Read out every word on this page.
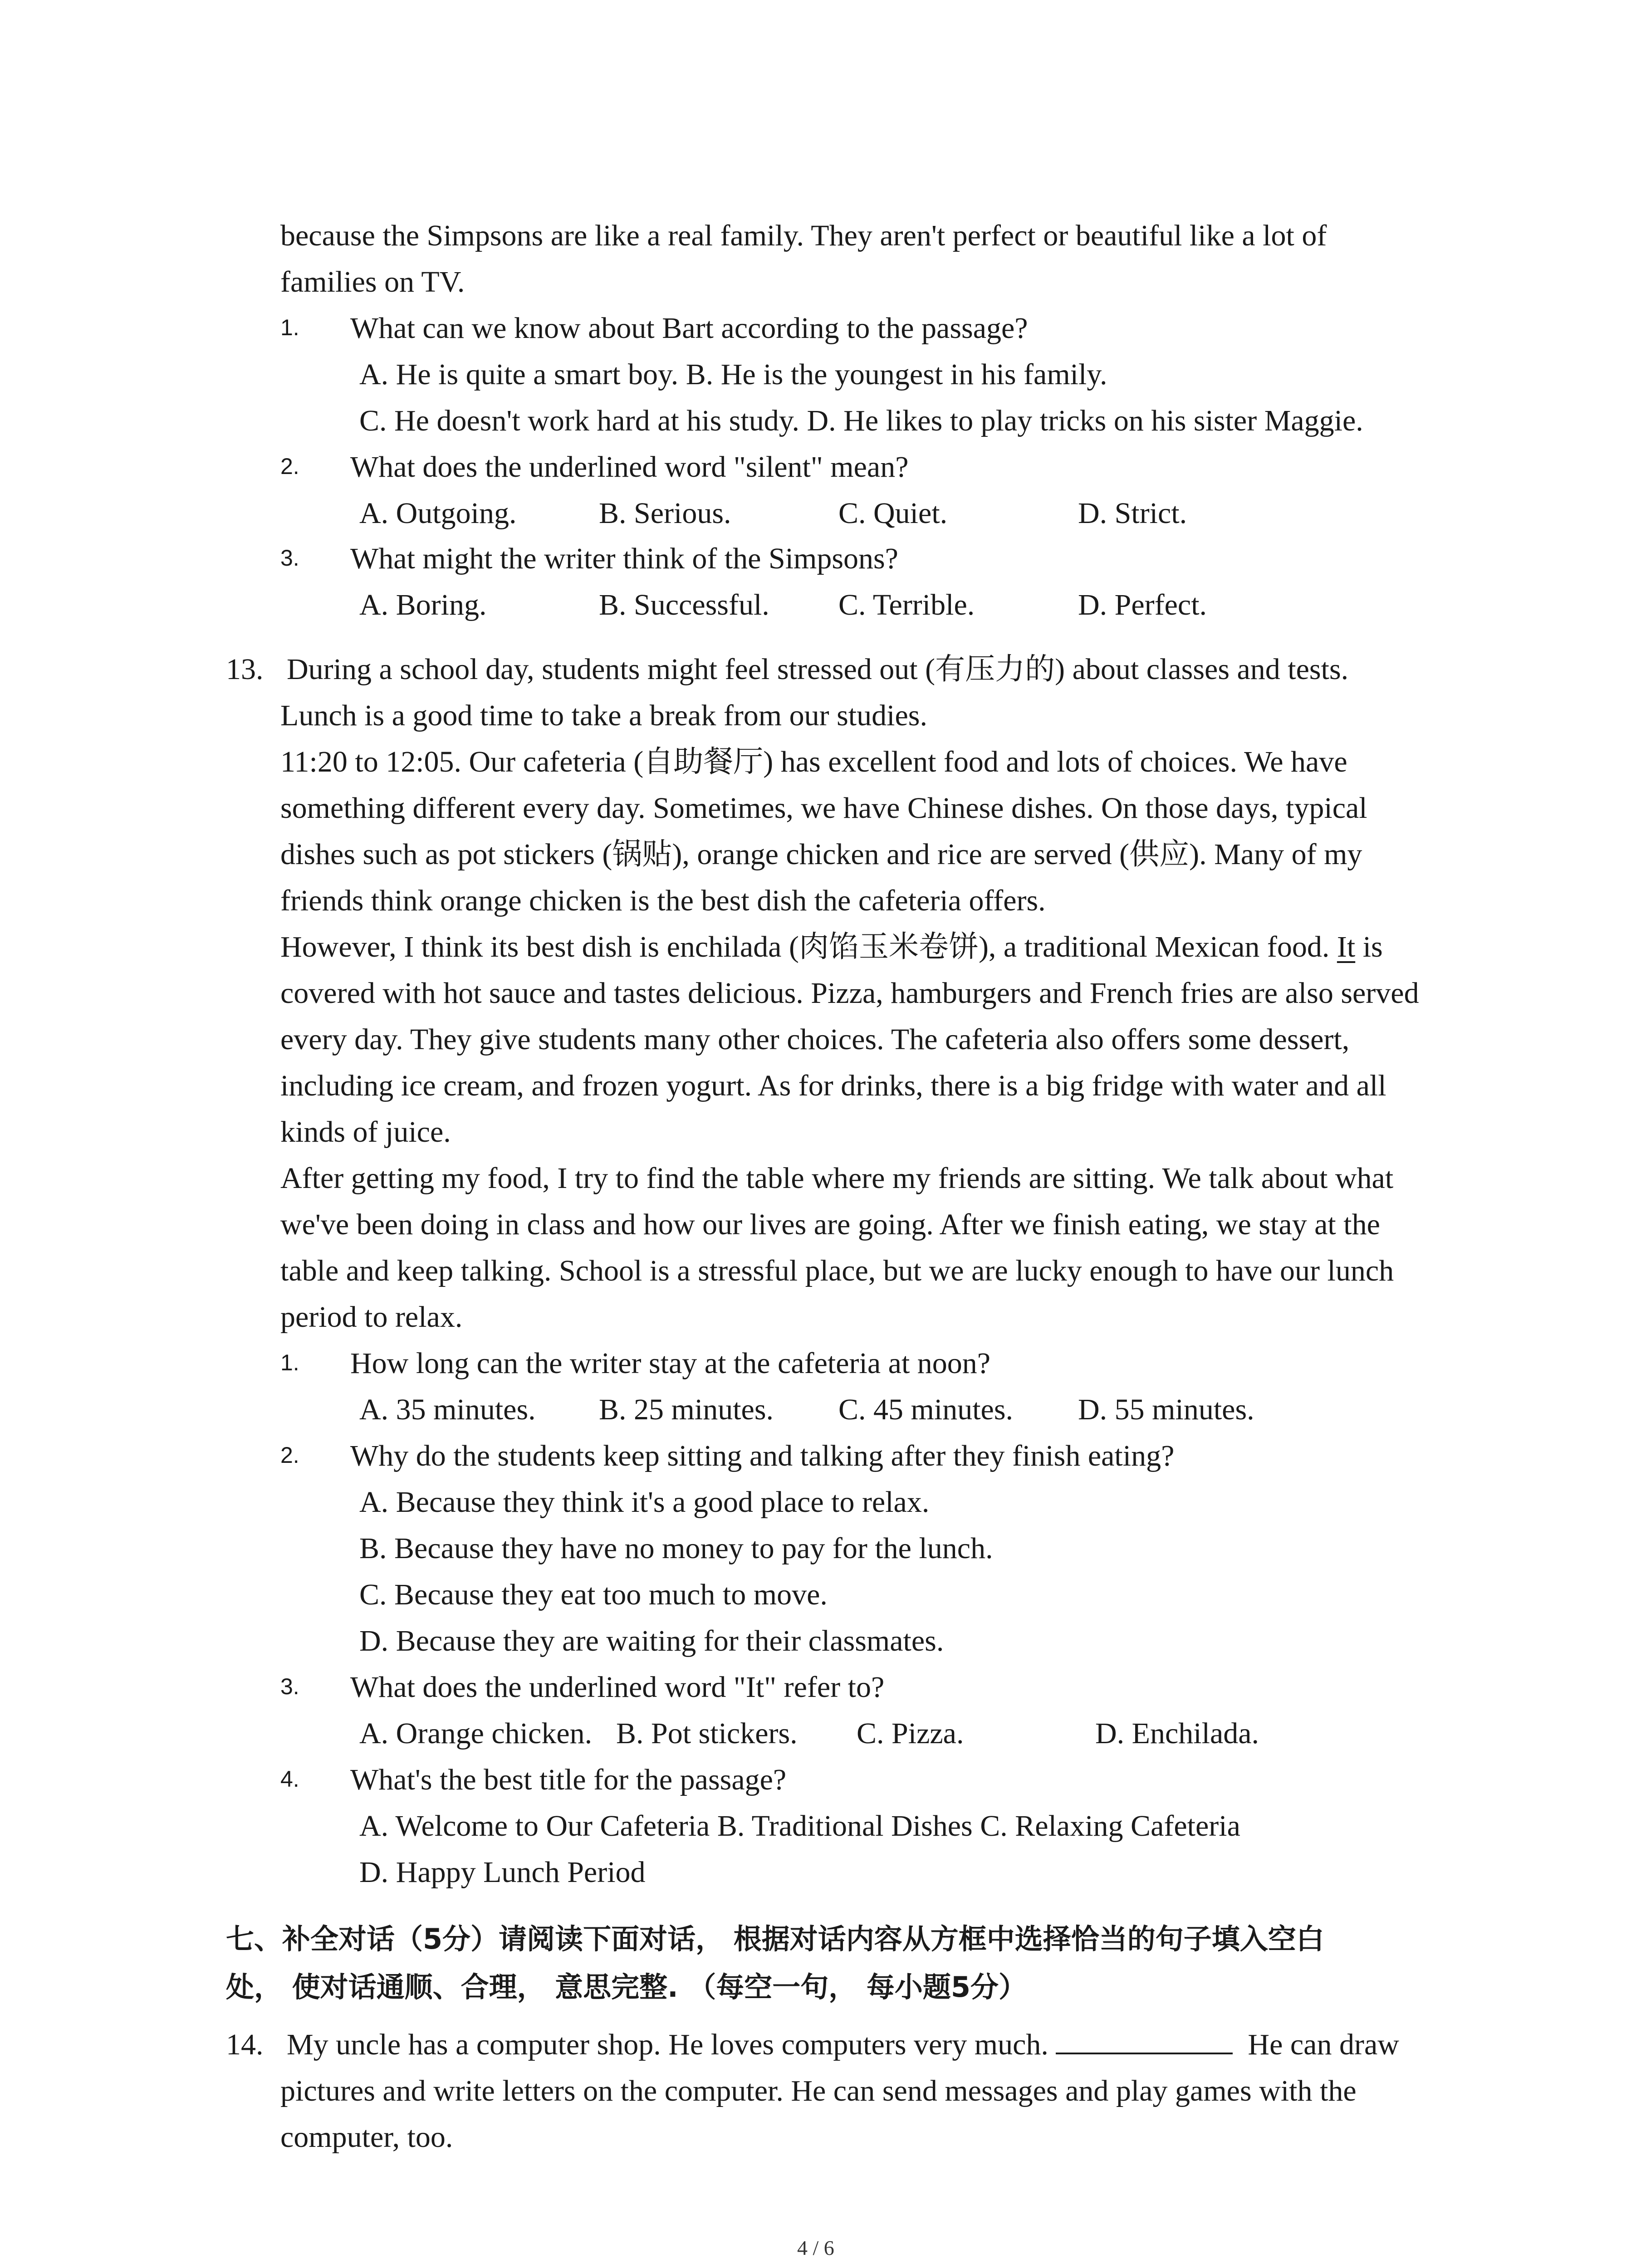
because the Simpsons are like a real family. They aren't perfect or beautiful like a lot of
families on TV.
1. What can we know about Bart according to the passage?
A. He is quite a smart boy. B. He is the youngest in his family.
C. He doesn't work hard at his study. D. He likes to play tricks on his sister Maggie.
2. What does the underlined word "silent" mean?
A. Outgoing.	B. Serious.	C. Quiet.	D. Strict.
3. What might the writer think of the Simpsons?
A. Boring.	B. Successful. C. Terrible.	D. Perfect.
13. During a school day, students might feel stressed out (有压力的) about classes and tests.
Lunch is a good time to take a break from our studies.
11:20 to 12:05. Our cafeteria (自助餐厅) has excellent food and lots of choices. We have
something different every day. Sometimes, we have Chinese dishes. On those days, typical
dishes such as pot stickers (锅贴), orange chicken and rice are served (供应). Many of my
friends think orange chicken is the best dish the cafeteria offers.
However, I think its best dish is enchilada (肉馅玉米卷饼), a traditional Mexican food. It is
covered with hot sauce and tastes delicious. Pizza, hamburgers and French fries are also served
every day. They give students many other choices. The cafeteria also offers some dessert,
including ice cream, and frozen yogurt. As for drinks, there is a big fridge with water and all
kinds of juice.
After getting my food, I try to find the table where my friends are sitting. We talk about what
we've been doing in class and how our lives are going. After we finish eating, we stay at the
table and keep talking. School is a stressful place, but we are lucky enough to have our lunch
period to relax.
1. How long can the writer stay at the cafeteria at noon?
A. 35 minutes. B. 25 minutes. C. 45 minutes. D. 55 minutes.
2. Why do the students keep sitting and talking after they finish eating?
A. Because they think it's a good place to relax.
B. Because they have no money to pay for the lunch.
C. Because they eat too much to move.
D. Because they are waiting for their classmates.
3. What does the underlined word "It" refer to?
A. Orange chicken. B. Pot stickers. C. Pizza.	D. Enchilada.
4. What's the best title for the passage?
A. Welcome to Our Cafeteria B. Traditional Dishes C. Relaxing Cafeteria
D. Happy Lunch Period
七、补全对话（5分）请阅读下面对话， 根据对话内容从方框中选择恰当的句子填入空白
处， 使对话通顺、合理， 意思完整. （每空一句， 每小题5分）
14. My uncle has a computer shop. He loves computers very much.	He can draw
pictures and write letters on the computer. He can send messages and play games with the
computer, too.
4 / 6
